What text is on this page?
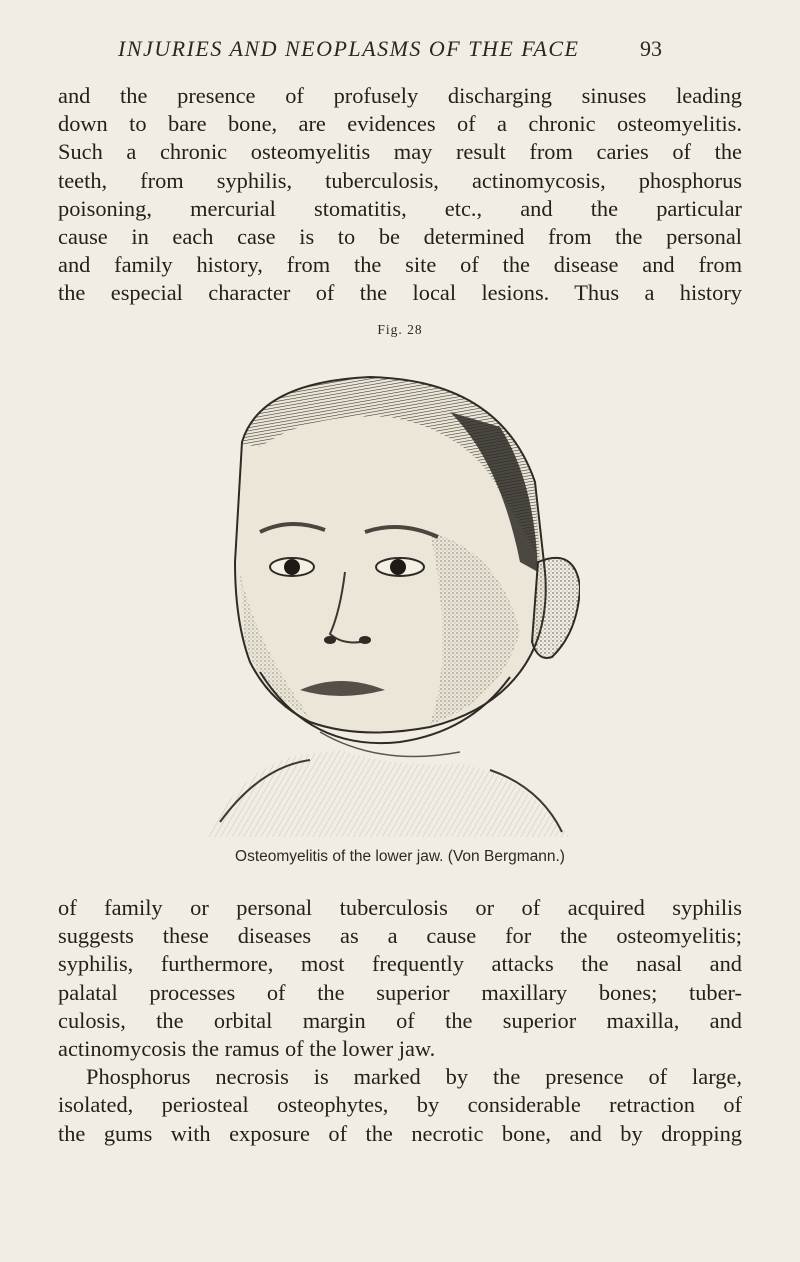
INJURIES AND NEOPLASMS OF THE FACE	93
and the presence of profusely discharging sinuses leading
down to bare bone, are evidences of a chronic osteomyelitis.
Such a chronic osteomyelitis may result from caries of the
teeth, from syphilis, tuberculosis, actinomycosis, phosphorus
poisoning, mercurial stomatitis, etc., and the particular
cause in each case is to be determined from the personal
and family history, from the site of the disease and from
the especial character of the local lesions. Thus a history
Fig. 28
Osteomyelitis of the lower jaw. (Von Bergmann.)
of family or personal tuberculosis or of acquired syphilis
suggests these diseases as a cause for the osteomyelitis;
syphilis, furthermore, most frequently attacks the nasal and
palatal processes of the superior maxillary bones; tuber-
culosis, the orbital margin of the superior maxilla, and
actinomycosis the ramus of the lower jaw.
Phosphorus necrosis is marked by the presence of large,
isolated, periosteal osteophytes, by considerable retraction of
the gums with exposure of the necrotic bone, and by dropping
